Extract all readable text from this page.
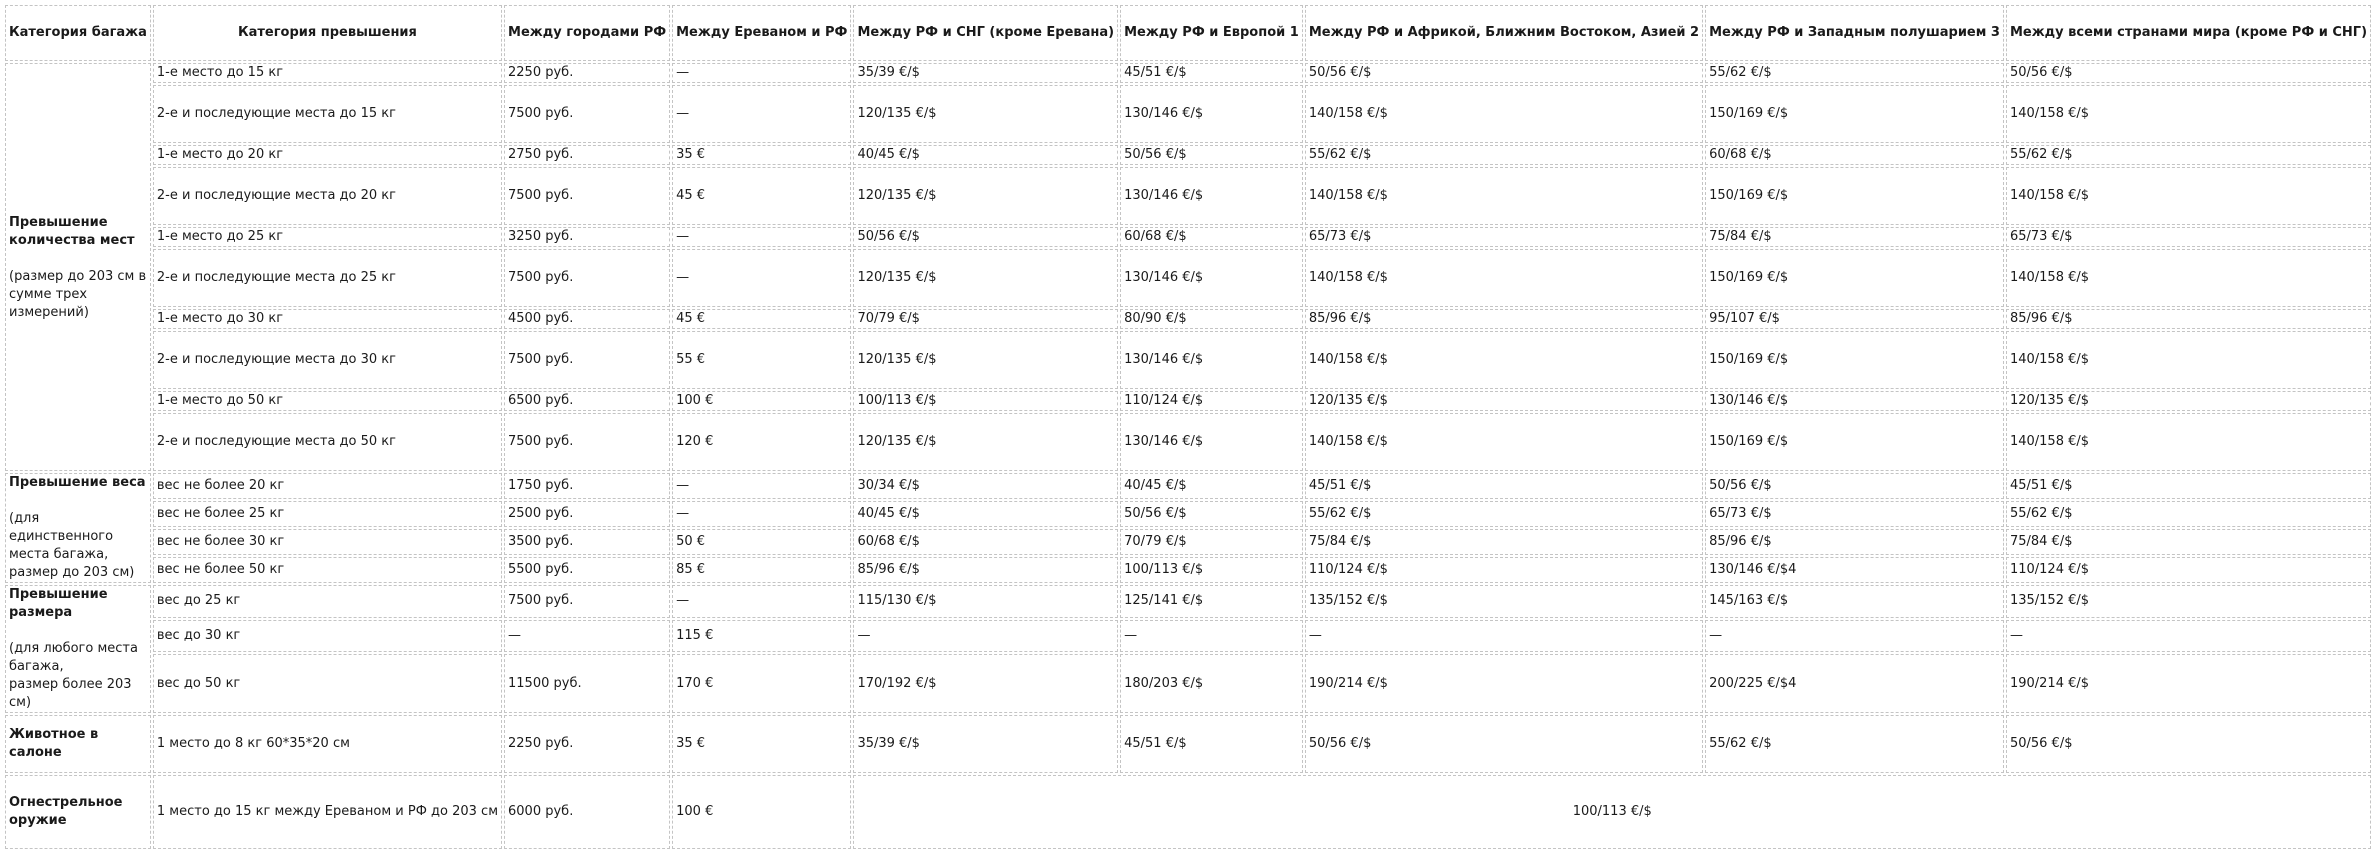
Категория багажа	Категория превышения	Между городами РФ	Между Ереваном и РФ	Между РФ и СНГ (кроме Еревана)	Между РФ и Европой 1	Между РФ и Африкой, Ближним Востоком, Азией 2	Между РФ и Западным полушарием 3	Между всеми странами мира (кроме РФ и СНГ)

Превышение количества мест
(размер до 203 см в сумме трех измерений)	1-е место до 15 кг	2250 руб.	—	35/39 €/$	45/51 €/$	50/56 €/$	55/62 €/$	50/56 €/$
	2-е и последующие места до 15 кг	7500 руб.	—	120/135 €/$	130/146 €/$	140/158 €/$	150/169 €/$	140/158 €/$
	1-е место до 20 кг	2750 руб.	35 €	40/45 €/$	50/56 €/$	55/62 €/$	60/68 €/$	55/62 €/$
	2-е и последующие места до 20 кг	7500 руб.	45 €	120/135 €/$	130/146 €/$	140/158 €/$	150/169 €/$	140/158 €/$
	1-е место до 25 кг	3250 руб.	—	50/56 €/$	60/68 €/$	65/73 €/$	75/84 €/$	65/73 €/$
	2-е и последующие места до 25 кг	7500 руб.	—	120/135 €/$	130/146 €/$	140/158 €/$	150/169 €/$	140/158 €/$
	1-е место до 30 кг	4500 руб.	45 €	70/79 €/$	80/90 €/$	85/96 €/$	95/107 €/$	85/96 €/$
	2-е и последующие места до 30 кг	7500 руб.	55 €	120/135 €/$	130/146 €/$	140/158 €/$	150/169 €/$	140/158 €/$
	1-е место до 50 кг	6500 руб.	100 €	100/113 €/$	110/124 €/$	120/135 €/$	130/146 €/$	120/135 €/$
	2-е и последующие места до 50 кг	7500 руб.	120 €	120/135 €/$	130/146 €/$	140/158 €/$	150/169 €/$	140/158 €/$

Превышение веса
(для единственного места багажа, размер до 203 см)	вес не более 20 кг	1750 руб.	—	30/34 €/$	40/45 €/$	45/51 €/$	50/56 €/$	45/51 €/$
	вес не более 25 кг	2500 руб.	—	40/45 €/$	50/56 €/$	55/62 €/$	65/73 €/$	55/62 €/$
	вес не более 30 кг	3500 руб.	50 €	60/68 €/$	70/79 €/$	75/84 €/$	85/96 €/$	75/84 €/$
	вес не более 50 кг	5500 руб.	85 €	85/96 €/$	100/113 €/$	110/124 €/$	130/146 €/$4	110/124 €/$

Превышение размера
(для любого места багажа,
размер более 203 см)	вес до 25 кг	7500 руб.	—	115/130 €/$	125/141 €/$	135/152 €/$	145/163 €/$	135/152 €/$
	вес до 30 кг	—	115 €	—	—	—	—	—
	вес до 50 кг	11500 руб.	170 €	170/192 €/$	180/203 €/$	190/214 €/$	200/225 €/$4	190/214 €/$

Животное в салоне	1 место до 8 кг 60*35*20 см	2250 руб.	35 €	35/39 €/$	45/51 €/$	50/56 €/$	55/62 €/$	50/56 €/$

Огнестрельное оружие	1 место до 15 кг между Ереваном и РФ до 203 см	6000 руб.	100 €	100/113 €/$				
